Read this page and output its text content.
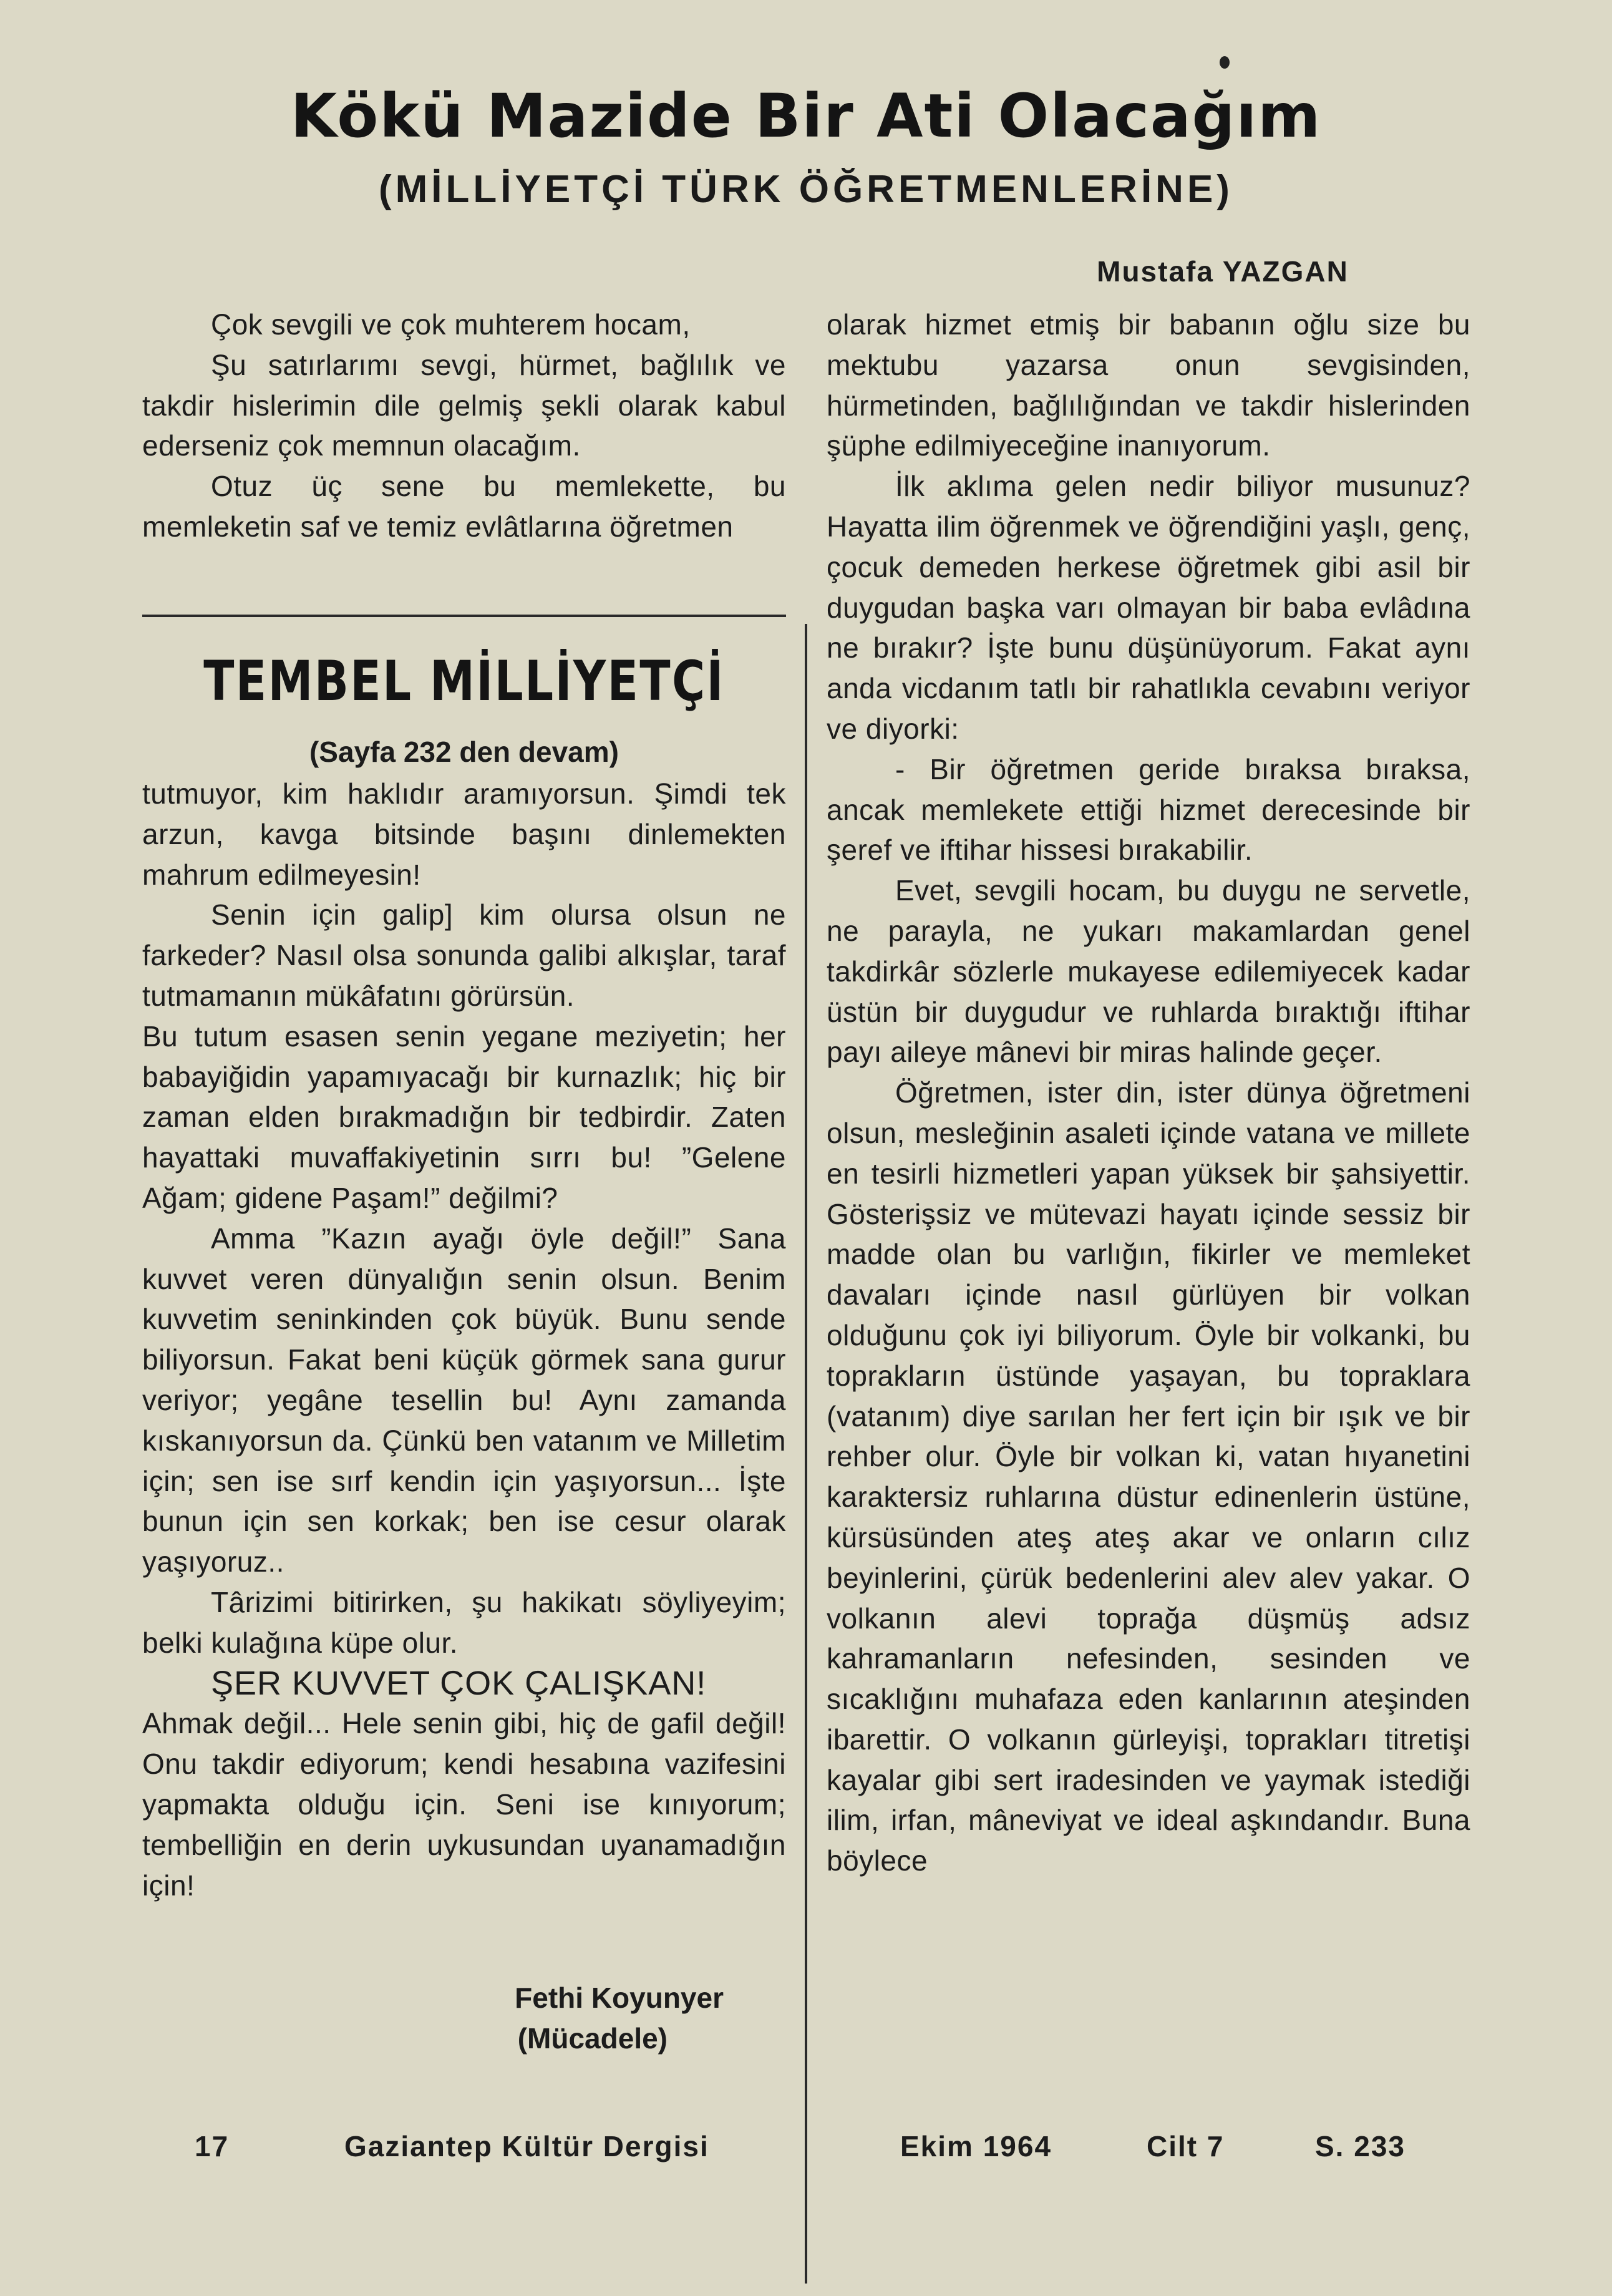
Kökü Mazide Bir Ati Olacağım
(MİLLİYETÇİ TÜRK ÖĞRETMENLERİNE)

Mustafa YAZGAN

Çok sevgili ve çok muhterem hocam,

Şu satırlarımı sevgi, hürmet, bağlılık ve takdir hislerimin dile gelmiş şekli olarak kabul ederseniz çok memnun olacağım.

Otuz üç sene bu memlekette, bu memleketin saf ve temiz evlâtlarına öğretmen

TEMBEL MİLLİYETÇİ

(Sayfa 232 den devam)

tutmuyor, kim haklıdır aramıyorsun. Şimdi tek arzun, kavga bitsinde başını dinlemekten mahrum edilmeyesin!

Senin için galip] kim olursa olsun ne farkeder? Nasıl olsa sonunda galibi alkışlar, taraf tutmamanın mükâfatını görürsün.

Bu tutum esasen senin yegane meziyetin; her babayiğidin yapamıyacağı bir kurnazlık; hiç bir zaman elden bırakmadığın bir tedbirdir. Zaten hayattaki muvaffakiyetinin sırrı bu! ”Gelene Ağam; gidene Paşam!” değilmi?

Amma ”Kazın ayağı öyle değil!” Sana kuvvet veren dünyalığın senin olsun. Benim kuvvetim seninkinden çok büyük. Bunu sende biliyorsun. Fakat beni küçük görmek sana gurur veriyor; yegâne tesellin bu! Aynı zamanda kıskanıyorsun da. Çünkü ben vatanım ve Milletim için; sen ise sırf kendin için yaşıyorsun... İşte bunun için sen korkak; ben ise cesur olarak yaşıyoruz..

Târizimi bitirirken, şu hakikatı söyliyeyim; belki kulağına küpe olur.

ŞER KUVVET ÇOK ÇALIŞKAN!

Ahmak değil... Hele senin gibi, hiç de gafil değil! Onu takdir ediyorum; kendi hesabına vazifesini yapmakta olduğu için. Seni ise kınıyorum; tembelliğin en derin uykusundan uyanamadığın için!

Fethi Koyunyer

(Mücadele)

olarak hizmet etmiş bir babanın oğlu size bu mektubu yazarsa onun sevgisinden, hürmetinden, bağlılığından ve takdir hislerinden şüphe edilmiyeceğine inanıyorum.

İlk aklıma gelen nedir biliyor musunuz? Hayatta ilim öğrenmek ve öğrendiğini yaşlı, genç, çocuk demeden herkese öğretmek gibi asil bir duygudan başka varı olmayan bir baba evlâdına ne bırakır? İşte bunu düşünüyorum. Fakat aynı anda vicdanım tatlı bir rahatlıkla cevabını veriyor ve diyorki:

- Bir öğretmen geride bıraksa bıraksa, ancak memlekete ettiği hizmet derecesinde bir şeref ve iftihar hissesi bırakabilir.

Evet, sevgili hocam, bu duygu ne servetle, ne parayla, ne yukarı makamlardan genel takdirkâr sözlerle mukayese edilemiyecek kadar üstün bir duygudur ve ruhlarda bıraktığı iftihar payı aileye mânevi bir miras halinde geçer.

Öğretmen, ister din, ister dünya öğretmeni olsun, mesleğinin asaleti içinde vatana ve millete en tesirli hizmetleri yapan yüksek bir şahsiyettir. Gösterişsiz ve mütevazi hayatı içinde sessiz bir madde olan bu varlığın, fikirler ve memleket davaları içinde nasıl gürlüyen bir volkan olduğunu çok iyi biliyorum. Öyle bir volkanki, bu toprakların üstünde yaşayan, bu topraklara (vatanım) diye sarılan her fert için bir ışık ve bir rehber olur. Öyle bir volkan ki, vatan hıyanetini karaktersiz ruhlarına düstur edinenlerin üstüne, kürsüsünden ateş ateş akar ve onların cılız beyinlerini, çürük bedenlerini alev alev yakar. O volkanın alevi toprağa düşmüş adsız kahramanların nefesinden, sesinden ve sıcaklığını muhafaza eden kanlarının ateşinden ibarettir. O volkanın gürleyişi, toprakları titretişi kayalar gibi sert iradesinden ve yaymak istediği ilim, irfan, mâneviyat ve ideal aşkındandır. Buna böylece

17	Gaziantep Kültür Dergisi	Ekim 1964	Cilt 7	S. 233
